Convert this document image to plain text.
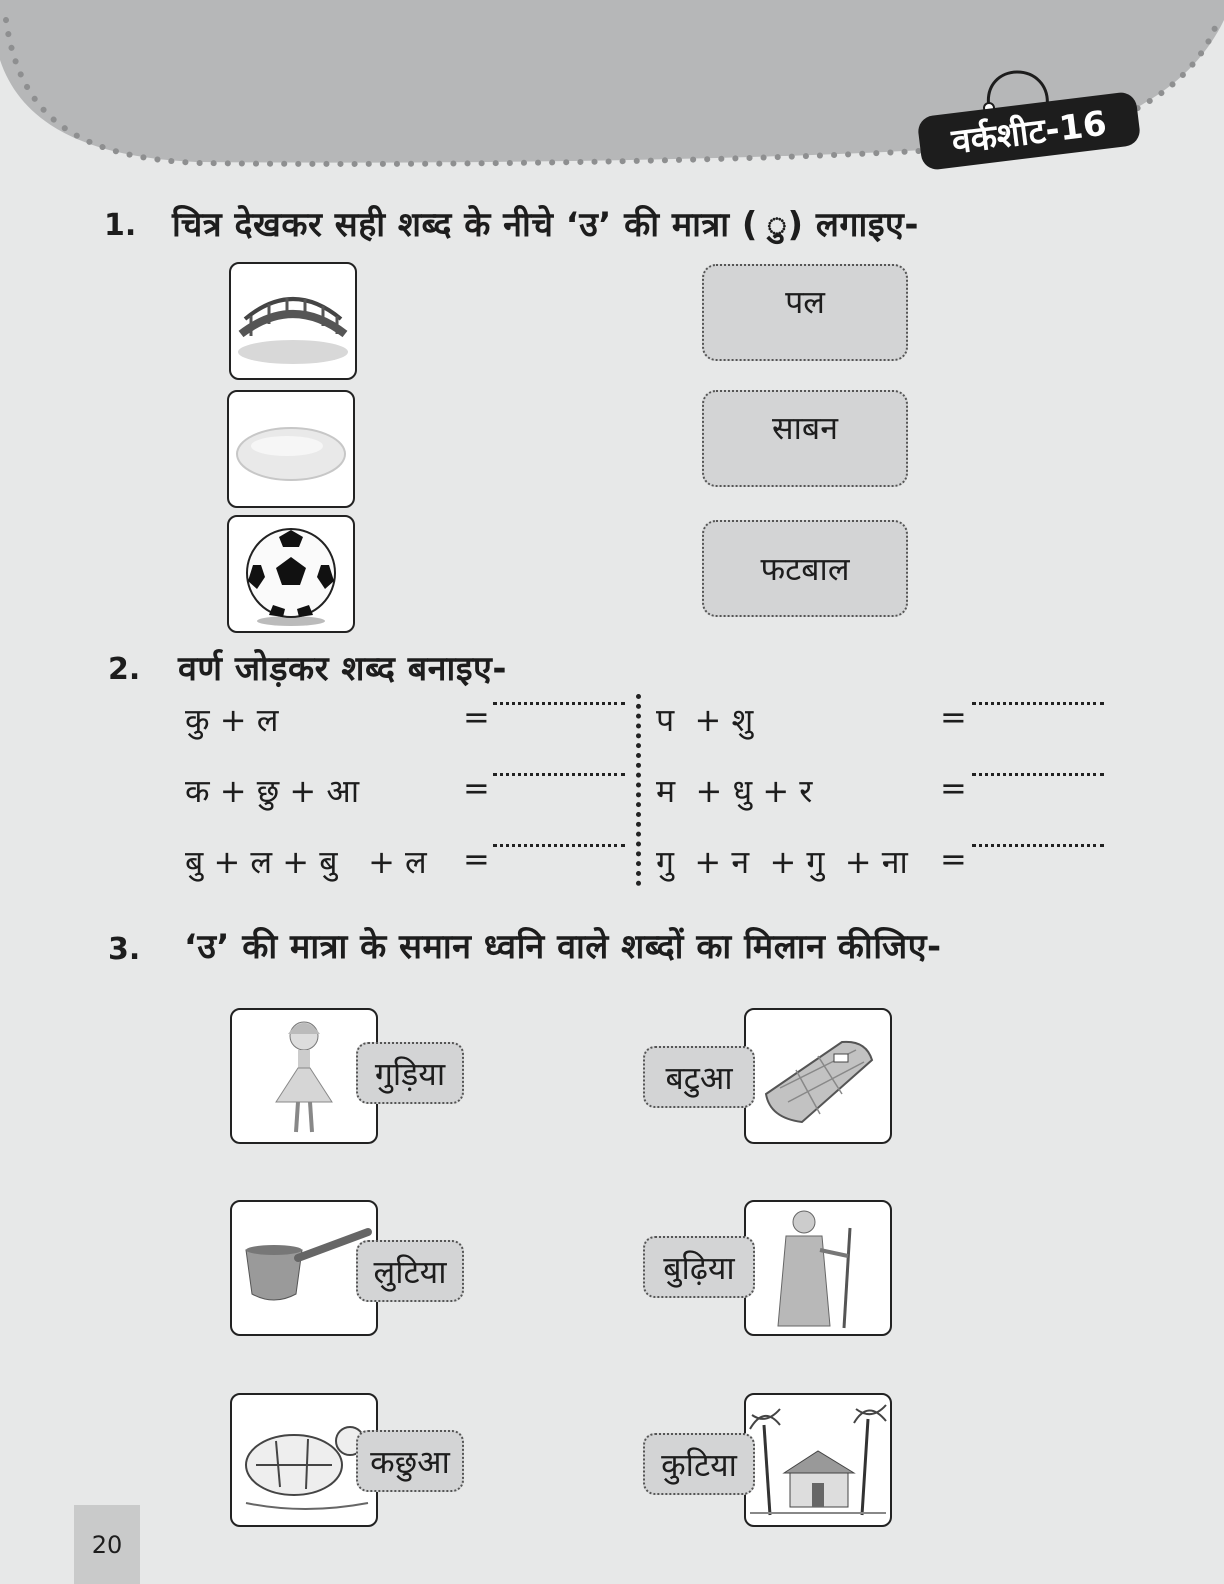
वर्कशीट-16
1. चित्र देखकर सही शब्द के नीचे ‘उ’ की मात्रा ( ु) लगाइए-
पल
साबन
फटबाल
2. वर्ण जोड़कर शब्द बनाइए-
कु + ल	=
क + छु + आ	=
बु + ल + बु   + ल =
प  + शु	=
म  + धु + र	=
गु  + न  + गु  + ना =
3. ‘उ’ की मात्रा के समान ध्वनि वाले शब्दों का मिलान कीजिए-
गुड़िया
लुटिया
कछुआ
बटुआ
बुढ़िया
कुटिया
20
